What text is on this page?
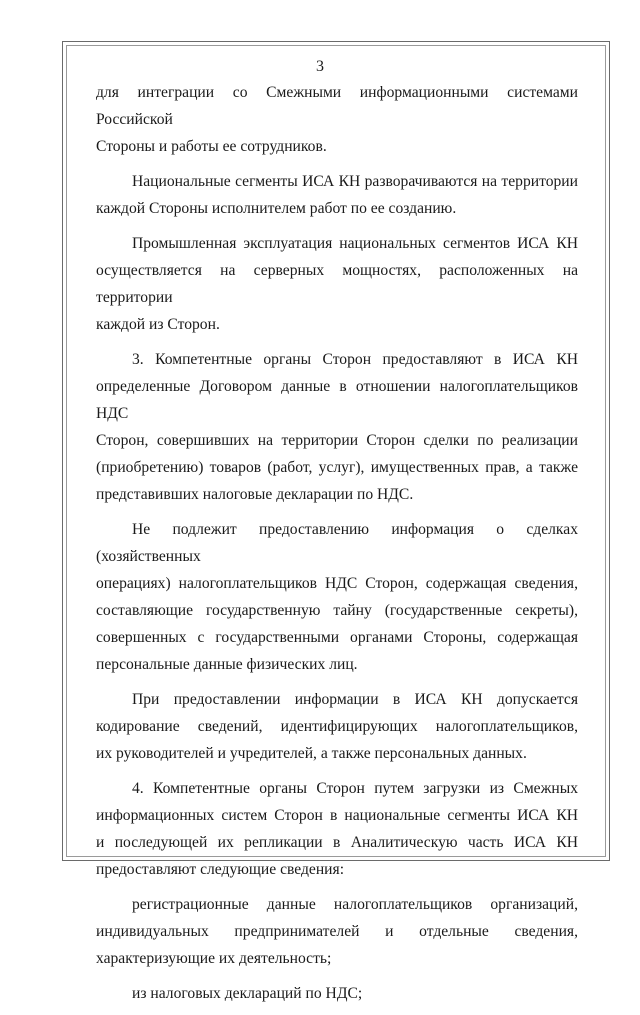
3
для интеграции со Смежными информационными системами Российской
Стороны и работы ее сотрудников.
Национальные сегменты ИСА КН разворачиваются на территории
каждой Стороны исполнителем работ по ее созданию.
Промышленная эксплуатация национальных сегментов ИСА КН
осуществляется на серверных мощностях, расположенных на территории
каждой из Сторон.
3. Компетентные органы Сторон предоставляют в ИСА КН
определенные Договором данные в отношении налогоплательщиков НДС
Сторон, совершивших на территории Сторон сделки по реализации
(приобретению) товаров (работ, услуг), имущественных прав, а также
представивших налоговые декларации по НДС.
Не подлежит предоставлению информация о сделках (хозяйственных
операциях) налогоплательщиков НДС Сторон, содержащая сведения,
составляющие государственную тайну (государственные секреты),
совершенных с государственными органами Стороны, содержащая
персональные данные физических лиц.
При предоставлении информации в ИСА КН допускается
кодирование сведений, идентифицирующих налогоплательщиков,
их руководителей и учредителей, а также персональных данных.
4. Компетентные органы Сторон путем загрузки из Смежных
информационных систем Сторон в национальные сегменты ИСА КН
и последующей их репликации в Аналитическую часть ИСА КН
предоставляют следующие сведения:
регистрационные данные налогоплательщиков организаций,
индивидуальных предпринимателей и отдельные сведения,
характеризующие их деятельность;
из налоговых деклараций по НДС;
